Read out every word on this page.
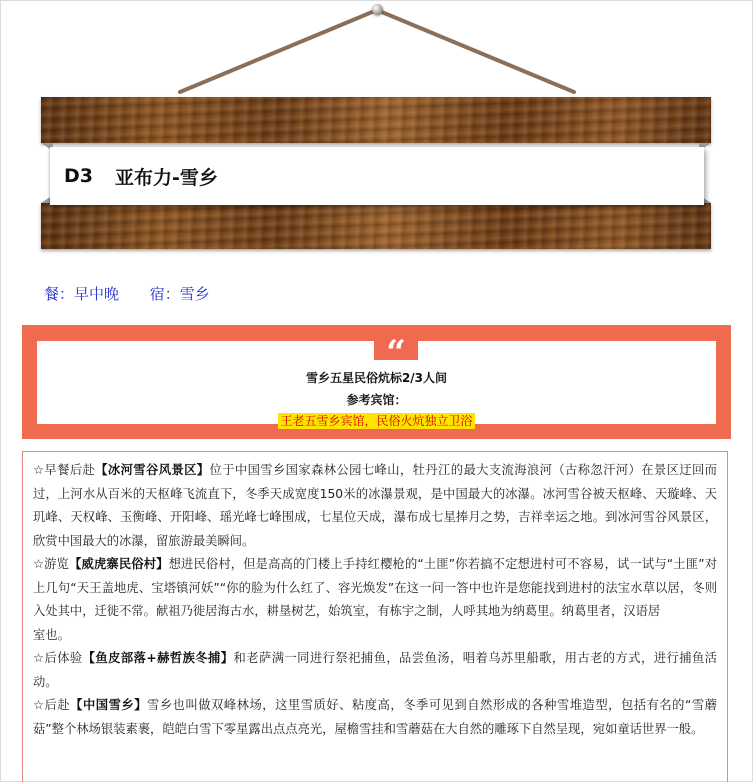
D3 亚布力-雪乡
餐：早中晚 宿：雪乡
“
雪乡五星民俗炕标2/3人间
参考宾馆：
王老五雪乡宾馆，民俗火炕独立卫浴

☆早餐后赴【冰河雪谷风景区】位于中国雪乡国家森林公园七峰山，牡丹江的最大支流海浪河（古称忽汗河）在景区迂回而过，上河水从百米的天枢峰飞流直下，冬季天成宽度150米的冰瀑景观，是中国最大的冰瀑。冰河雪谷被天枢峰、天璇峰、天玑峰、天权峰、玉衡峰、开阳峰、瑶光峰七峰围成，七星位天成，瀑布成七星捧月之势，吉祥幸运之地。到冰河雪谷风景区，欣赏中国最大的冰瀑，留旅游最美瞬间。

☆游览【威虎寨民俗村】想进民俗村，但是高高的门楼上手持红樱枪的“土匪”你若搞不定想进村可不容易，试一试与“土匪”对上几句“天王盖地虎、宝塔镇河妖”“你的脸为什么红了、容光焕发”在这一问一答中也许是您能找到进村的法宝水草以居，冬则入处其中，迁徙不常。献祖乃徙居海古水，耕垦树艺，始筑室，有栋宇之制，人呼其地为纳葛里。纳葛里者，汉语居

室也。

☆后体验【鱼皮部落+赫哲族冬捕】和老萨满一同进行祭祀捕鱼，品尝鱼汤，唱着乌苏里船歌，用古老的方式，进行捕鱼活动。

☆后赴【中国雪乡】雪乡也叫做双峰林场，这里雪质好、粘度高，冬季可见到自然形成的各种雪堆造型，包括有名的“雪蘑菇”整个林场银装素裹，皑皑白雪下零星露出点点亮光，屋檐雪挂和雪蘑菇在大自然的雕琢下自然呈现，宛如童话世界一般。
